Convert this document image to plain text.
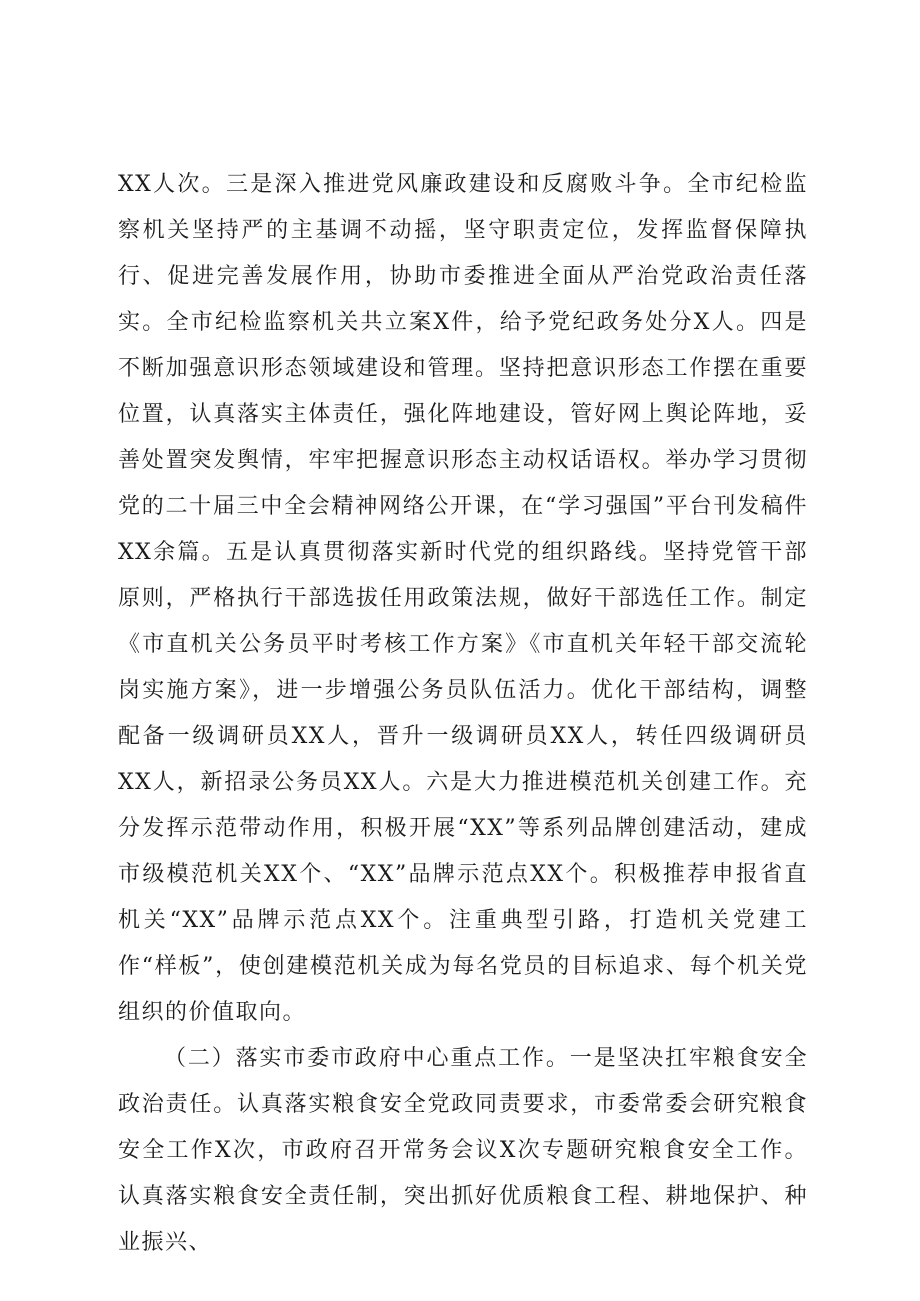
XX人次。三是深入推进党风廉政建设和反腐败斗争。全市纪检监察机关坚持严的主基调不动摇，坚守职责定位，发挥监督保障执行、促进完善发展作用，协助市委推进全面从严治党政治责任落实。全市纪检监察机关共立案X件，给予党纪政务处分X人。四是不断加强意识形态领域建设和管理。坚持把意识形态工作摆在重要位置，认真落实主体责任，强化阵地建设，管好网上舆论阵地，妥善处置突发舆情，牢牢把握意识形态主动权话语权。举办学习贯彻党的二十届三中全会精神网络公开课，在“学习强国”平台刊发稿件XX余篇。五是认真贯彻落实新时代党的组织路线。坚持党管干部原则，严格执行干部选拔任用政策法规，做好干部选任工作。制定《市直机关公务员平时考核工作方案》《市直机关年轻干部交流轮岗实施方案》，进一步增强公务员队伍活力。优化干部结构，调整配备一级调研员XX人，晋升一级调研员XX人，转任四级调研员XX人，新招录公务员XX人。六是大力推进模范机关创建工作。充分发挥示范带动作用，积极开展“XX”等系列品牌创建活动，建成市级模范机关XX个、“XX”品牌示范点XX个。积极推荐申报省直机关“XX”品牌示范点XX个。注重典型引路，打造机关党建工作“样板”，使创建模范机关成为每名党员的目标追求、每个机关党组织的价值取向。

（二）落实市委市政府中心重点工作。一是坚决扛牢粮食安全政治责任。认真落实粮食安全党政同责要求，市委常委会研究粮食安全工作X次，市政府召开常务会议X次专题研究粮食安全工作。认真落实粮食安全责任制，突出抓好优质粮食工程、耕地保护、种业振兴、
